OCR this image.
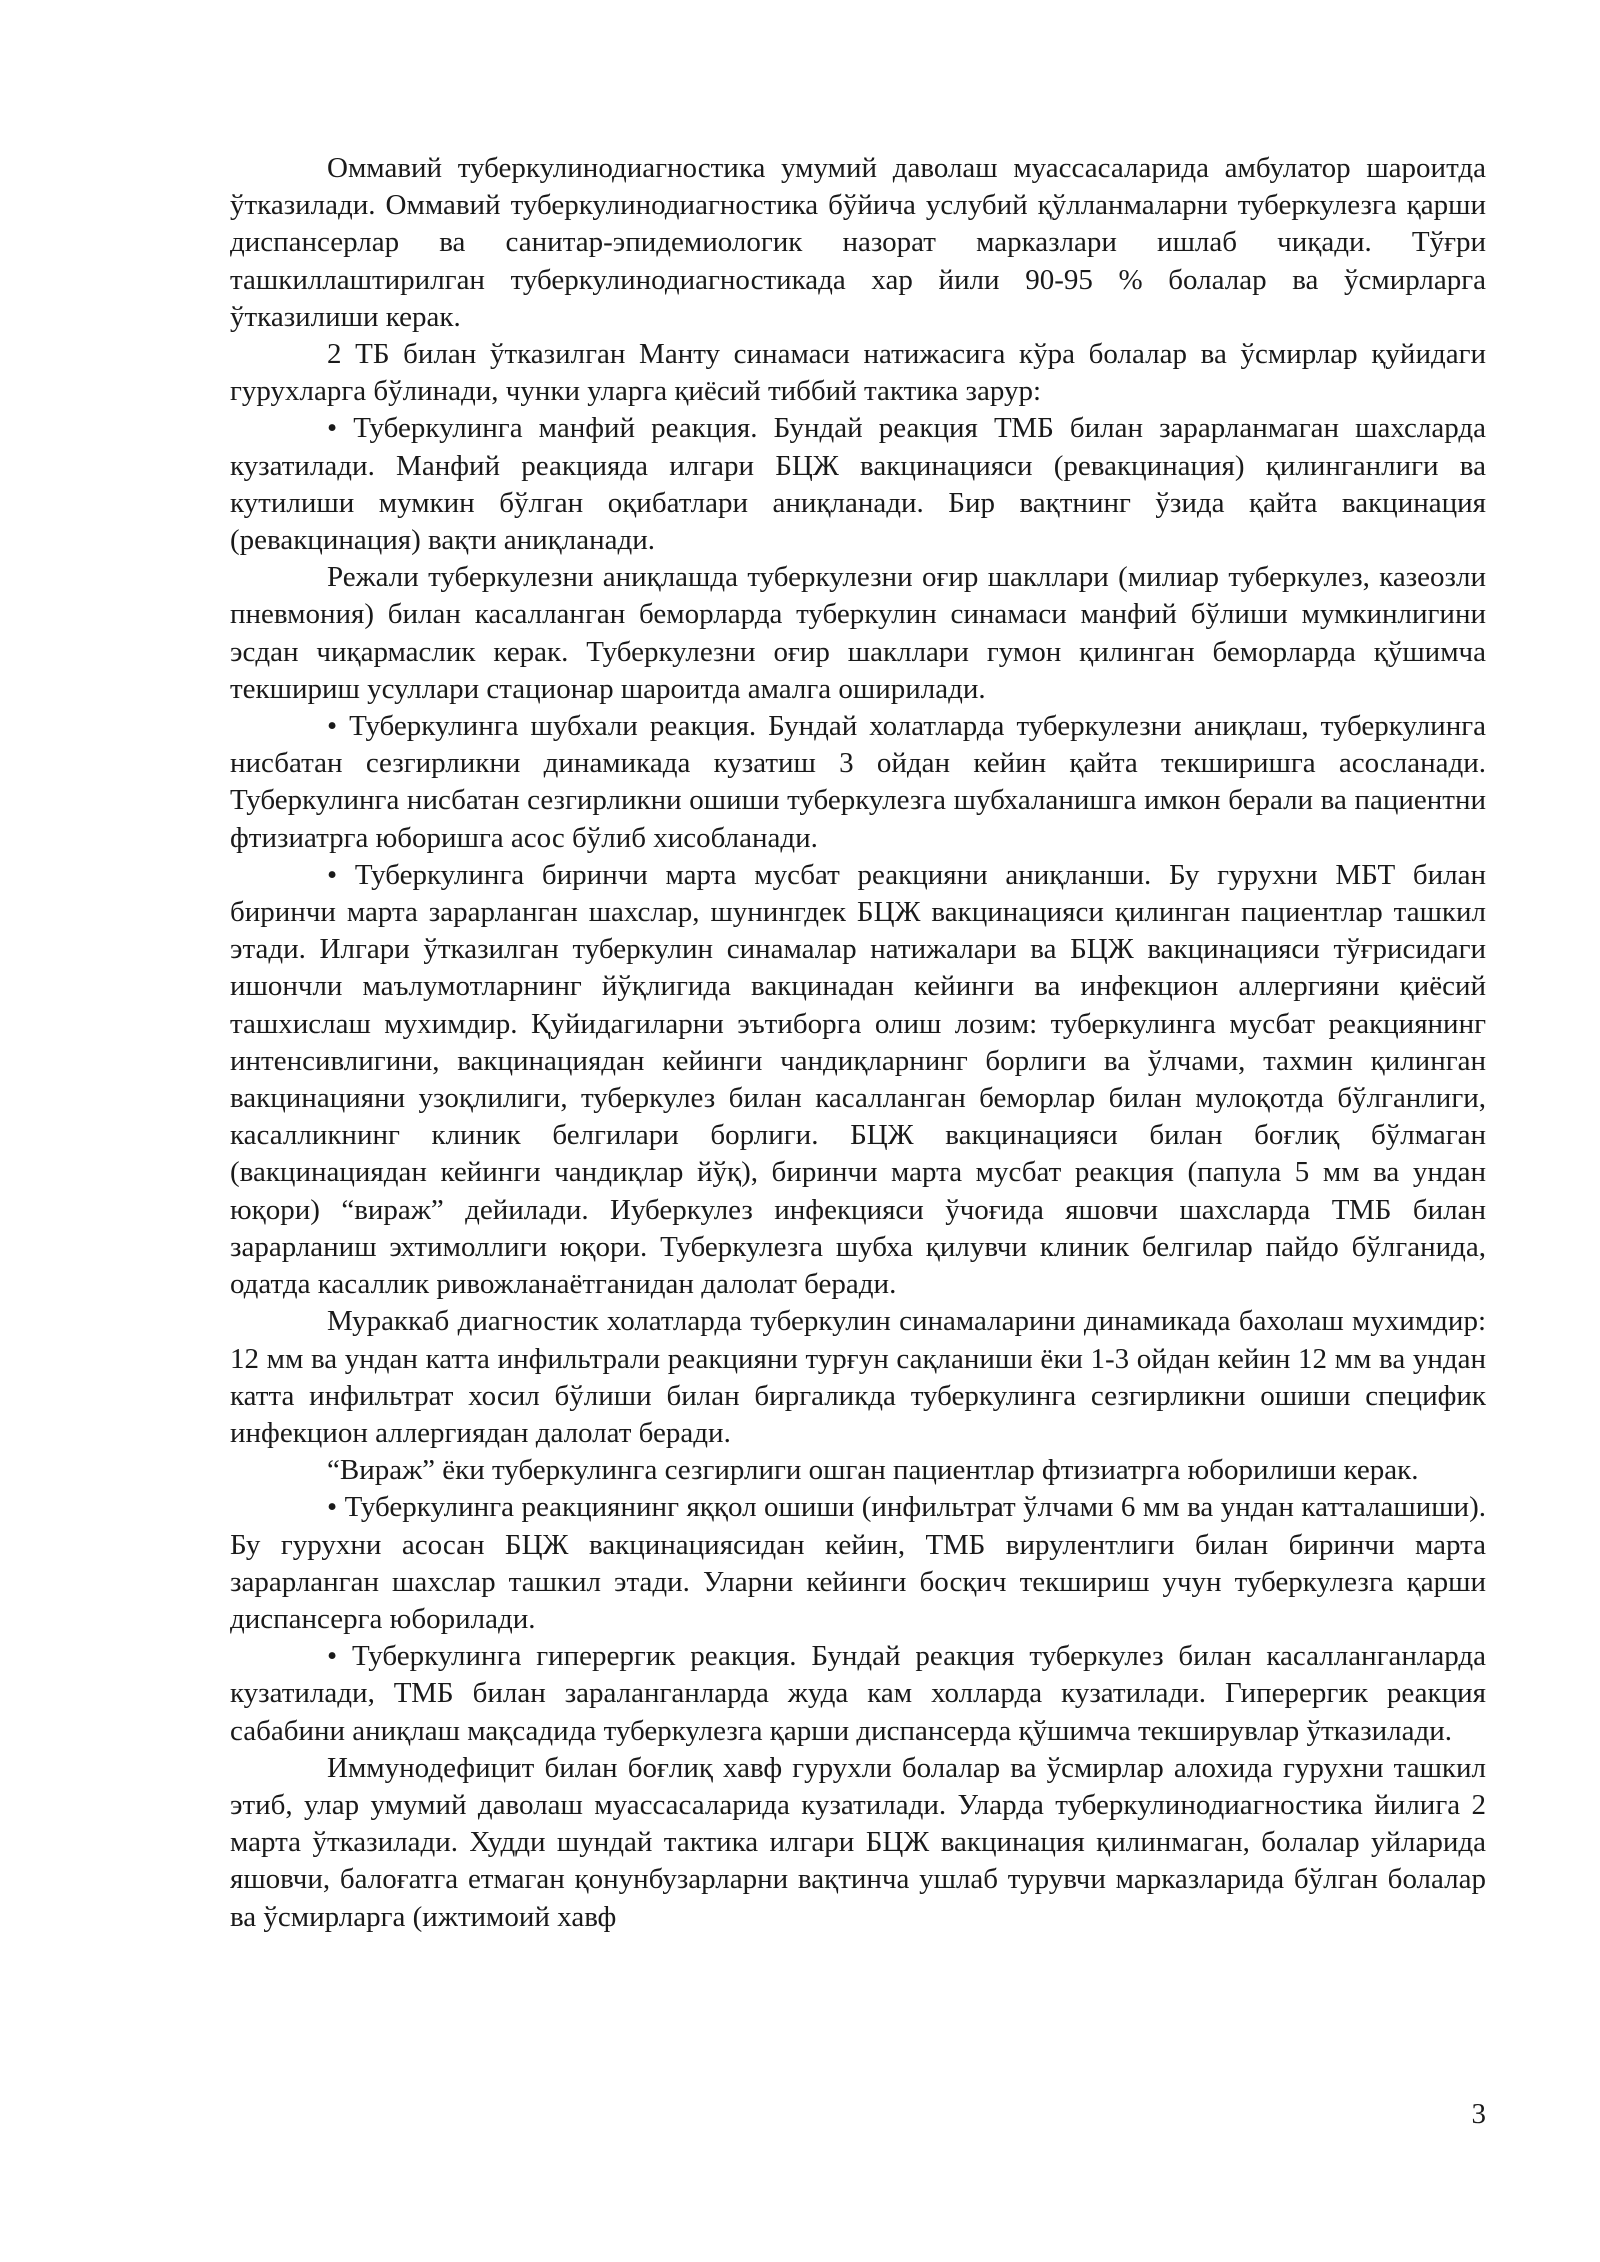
Оммавий туберкулинодиагностика умумий даволаш муассасаларида амбулатор шароитда ўтказилади. Оммавий туберкулинодиагностика бўйича услубий қўлланмаларни туберкулезга қарши диспансерлар ва санитар-эпидемиологик назорат марказлари ишлаб чиқади. Тўғри ташкиллаштирилган туберкулинодиагностикада хар йили 90-95 % болалар ва ўсмирларга ўтказилиши керак.

2 ТБ билан ўтказилган Манту синамаси натижасига кўра болалар ва ўсмирлар қуйидаги гурухларга бўлинади, чунки уларга қиёсий тиббий тактика зарур:

• Туберкулинга манфий реакция. Бундай реакция ТМБ билан зарарланмаган шахсларда кузатилади. Манфий реакцияда илгари БЦЖ вакцинацияси (ревакцинация) қилинганлиги ва кутилиши мумкин бўлган оқибатлари аниқланади. Бир вақтнинг ўзида қайта вакцинация (ревакцинация) вақти аниқланади.

Режали туберкулезни аниқлашда туберкулезни оғир шакллари (милиар туберкулез, казеозли пневмония) билан касалланган беморларда туберкулин синамаси манфий бўлиши мумкинлигини эсдан чиқармаслик керак. Туберкулезни оғир шакллари гумон қилинган беморларда қўшимча текшириш усуллари стационар шароитда амалга оширилади.

• Туберкулинга шубхали реакция. Бундай холатларда туберкулезни аниқлаш, туберкулинга нисбатан сезгирликни динамикада кузатиш 3 ойдан кейин қайта текширишга асосланади. Туберкулинга нисбатан сезгирликни ошиши туберкулезга шубхаланишга имкон берали ва пациентни фтизиатрга юборишга асос бўлиб хисобланади.

• Туберкулинга биринчи марта мусбат реакцияни аниқланши. Бу гурухни МБТ билан биринчи марта зарарланган шахслар, шунингдек БЦЖ вакцинацияси қилинган пациентлар ташкил этади. Илгари ўтказилган туберкулин синамалар натижалари ва БЦЖ вакцинацияси тўғрисидаги ишончли маълумотларнинг йўқлигида вакцинадан кейинги ва инфекцион аллергияни қиёсий ташхислаш мухимдир. Қуйидагиларни эътиборга олиш лозим: туберкулинга мусбат реакциянинг интенсивлигини, вакцинациядан кейинги чандиқларнинг борлиги ва ўлчами, тахмин қилинган вакцинацияни узоқлилиги, туберкулез билан касалланган беморлар билан мулоқотда бўлганлиги, касалликнинг клиник белгилари борлиги. БЦЖ вакцинацияси билан боғлиқ бўлмаган (вакцинациядан кейинги чандиқлар йўқ), биринчи марта мусбат реакция (папула 5 мм ва ундан юқори) “вираж” дейилади. Иуберкулез инфекцияси ўчоғида яшовчи шахсларда ТМБ билан зарарланиш эхтимоллиги юқори. Туберкулезга шубха қилувчи клиник белгилар пайдо бўлганида, одатда касаллик ривожланаётганидан далолат беради.

Мураккаб диагностик холатларда туберкулин синамаларини динамикада бахолаш мухимдир: 12 мм ва ундан катта инфильтрали реакцияни турғун сақланиши ёки 1-3 ойдан кейин 12 мм ва ундан катта инфильтрат хосил бўлиши билан биргаликда туберкулинга сезгирликни ошиши специфик инфекцион аллергиядан далолат беради.

“Вираж” ёки туберкулинга сезгирлиги ошган пациентлар фтизиатрга юборилиши керак.

• Туберкулинга реакциянинг яққол ошиши (инфильтрат ўлчами 6 мм ва ундан катталашиши). Бу гурухни асосан БЦЖ вакцинациясидан кейин, ТМБ вирулентлиги билан биринчи марта зарарланган шахслар ташкил этади. Уларни кейинги босқич текшириш учун туберкулезга қарши диспансерга юборилади.

• Туберкулинга гиперергик реакция. Бундай реакция туберкулез билан касалланганларда кузатилади, ТМБ билан зараланганларда жуда кам холларда кузатилади. Гиперергик реакция сабабини аниқлаш мақсадида туберкулезга қарши диспансерда қўшимча текширувлар ўтказилади.

Иммунодефицит билан боғлиқ хавф гурухли болалар ва ўсмирлар алохида гурухни ташкил этиб, улар умумий даволаш муассасаларида кузатилади. Уларда туберкулинодиагностика йилига 2 марта ўтказилади. Худди шундай тактика илгари БЦЖ вакцинация қилинмаган, болалар уйларида яшовчи, балоғатга етмаган қонунбузарларни вақтинча ушлаб турувчи марказларида бўлган болалар ва ўсмирларга (ижтимоий хавф

3
